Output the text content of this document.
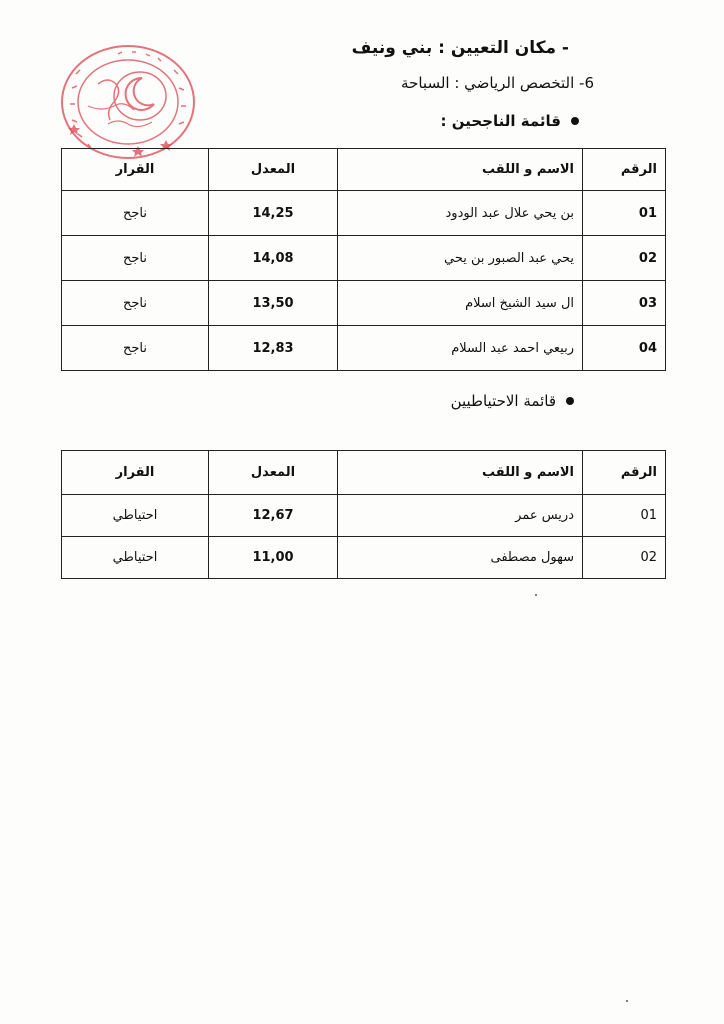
- مكان التعيين : بني ونيف
6- التخصص الرياضي : السباحة
قائمة الناجحين :
الرقم	الاسم و اللقب	المعدل	القرار
01	بن يحي علال عبد الودود	14,25	ناجح
02	يحي عبد الصبور بن يحي	14,08	ناجح
03	ال سيد الشيخ اسلام	13,50	ناجح
04	ربيعي احمد عبد السلام	12,83	ناجح
قائمة الاحتياطيين
الرقم	الاسم و اللقب	المعدل	القرار
01	دريس عمر	12,67	احتياطي
02	سهول مصطفى	11,00	احتياطي
